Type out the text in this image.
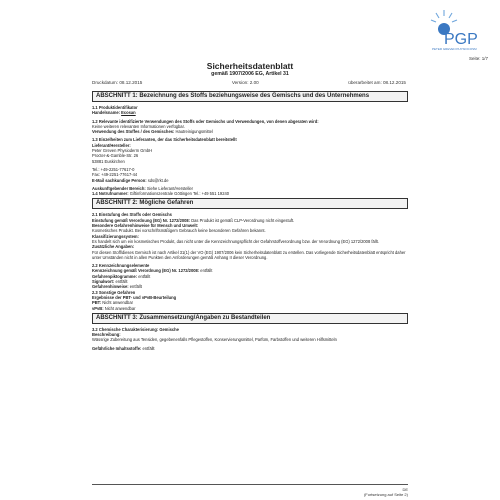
PGP
PETER GREVEN PHYSIOCOSM
Seite: 1/7
Sicherheitsdatenblatt
gemäß 1907/2006 EG, Artikel 31
Druckdatum: 08.12.2015	Version: 2.00	überarbeitet am: 08.12.2015
ABSCHNITT 1: Bezeichnung des Stoffs beziehungsweise des Gemischs und des Unternehmens
1.1 Produktidentifikator
Handelsname: Ecosan
1.2 Relevante identifizierte Verwendungen des Stoffs oder Gemischs und Verwendungen, von denen abgeraten wird:
Keine weiteren relevanten Informationen verfügbar.
Verwendung des Stoffes / des Gemisches: Hautreinigungsmittel
1.3 Einzelheiten zum Lieferanten, der das Sicherheitsdatenblatt bereitstellt
Lieferant/Hersteller:
Peter Greven Physioderm GmbH
Procter-&-Gamble-Str. 26
53881 Euskirchen
Tel.: +49-2251-77617-0
Fax: +49-2251-77617-44
E-Mail sachkundige Person: sds@rkt.de
Auskunftgebender Bereich: Siehe Lieferant/Hersteller
1.4 Notrufnummer: Giftinformationszentrale Göttingen Tel.: +49 551 19240
ABSCHNITT 2: Mögliche Gefahren
2.1 Einstufung des Stoffs oder Gemischs
Einstufung gemäß Verordnung (EG) Nr. 1272/2008: Das Produkt ist gemäß CLP-Verordnung nicht eingestuft.
Besondere Gefahrenhinweise für Mensch und Umwelt:
Kosmetisches Produkt. Bei vorschriftsmäßigem Gebrauch keine besonderen Gefahren bekannt.
Klassifizierungssystem:
Es handelt sich um ein kosmetisches Produkt, das nicht unter die Kennzeichnungspflicht der Gefahrstoffverordnung bzw. der Verordnung (EG) 1272/2008 fällt.
Zusätzliche Angaben:
Für diesen Stoff/dieses Gemisch ist nach Artikel 31(1) der VO (EG) 1907/2006 kein Sicherheitsdatenblatt zu erstellen. Das vorliegende Sicherheitsdatenblatt entspricht daher unter Umständen nicht in allen Punkten den Anforderungen gemäß Anhang II dieser Verordnung.
2.2 Kennzeichnungselemente
Kennzeichnung gemäß Verordnung (EG) Nr. 1272/2008: entfällt
Gefahrenpiktogramme: entfällt
Signalwort: entfällt
Gefahrenhinweise: entfällt
2.3 Sonstige Gefahren
Ergebnisse der PBT- und vPvB-Beurteilung
PBT: Nicht anwendbar
vPvB: Nicht anwendbar
ABSCHNITT 3: Zusammensetzung/Angaben zu Bestandteilen
3.2 Chemische Charakterisierung: Gemische
Beschreibung:
Wässrige Zubereitung aus Tensiden, gegebenenfalls Pflegestoffen, Konservierungsmittel, Parfüm, Farbstoffen und weiteren Hilfsmitteln
Gefährliche Inhaltsstoffe: entfällt
DE
(Fortsetzung auf Seite 2)
